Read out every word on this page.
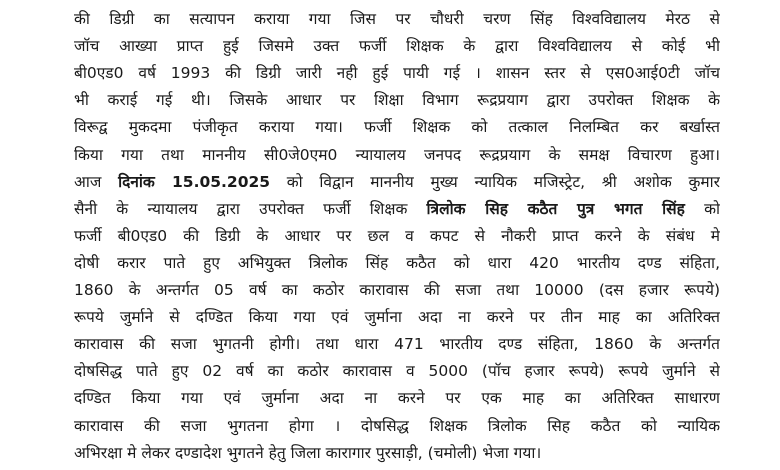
की डिग्री का सत्यापन कराया गया जिस पर चौधरी चरण सिंह विश्वविद्यालय मेरठ से
जॉच आख्या प्राप्त हुई जिसमे उक्त फर्जी शिक्षक के द्वारा विश्वविद्यालय से कोई भी
बी0एड0 वर्ष 1993 की डिग्री जारी नही हुई पायी गई । शासन स्तर से एस0आई0टी जॉच
भी कराई गई थी। जिसके आधार पर शिक्षा विभाग रूद्रप्रयाग द्वारा उपरोक्त शिक्षक के
विरूद्व मुकदमा पंजीकृत कराया गया। फर्जी शिक्षक को तत्काल निलम्बित कर बर्खास्त
किया गया तथा माननीय सी0जे0एम0 न्यायालय जनपद रूद्रप्रयाग के समक्ष विचारण हुआ।
आज दिनांक 15.05.2025 को विद्वान माननीय मुख्य न्यायिक मजिस्ट्रेट, श्री अशोक कुमार
सैनी के न्यायालय द्वारा उपरोक्त फर्जी शिक्षक त्रिलोक सिह कठैत पुत्र भगत सिंह को
फर्जी बी0एड0 की डिग्री के आधार पर छल व कपट से नौकरी प्राप्त करने के संबंध मे
दोषी करार पाते हुए अभियुक्त त्रिलोक सिंह कठैत को धारा 420 भारतीय दण्ड संहिता,
1860 के अन्तर्गत 05 वर्ष का कठोर कारावास की सजा तथा 10000 (दस हजार रूपये)
रूपये जुर्माने से दण्डित किया गया एवं जुर्माना अदा ना करने पर तीन माह का अतिरिक्त
कारावास की सजा भुगतनी होगी। तथा धारा 471 भारतीय दण्ड संहिता, 1860 के अन्तर्गत
दोषसिद्ध पाते हुए 02 वर्ष का कठोर कारावास व 5000 (पॉच हजार रूपये) रूपये जुर्माने से
दण्डित किया गया एवं जुर्माना अदा ना करने पर एक माह का अतिरिक्त साधारण
कारावास की सजा भुगतना होगा । दोषसिद्ध शिक्षक त्रिलोक सिह कठैत को न्यायिक
अभिरक्षा मे लेकर दण्डादेश भुगतने हेतु जिला कारागार पुरसाड़ी, (चमोली) भेजा गया।
